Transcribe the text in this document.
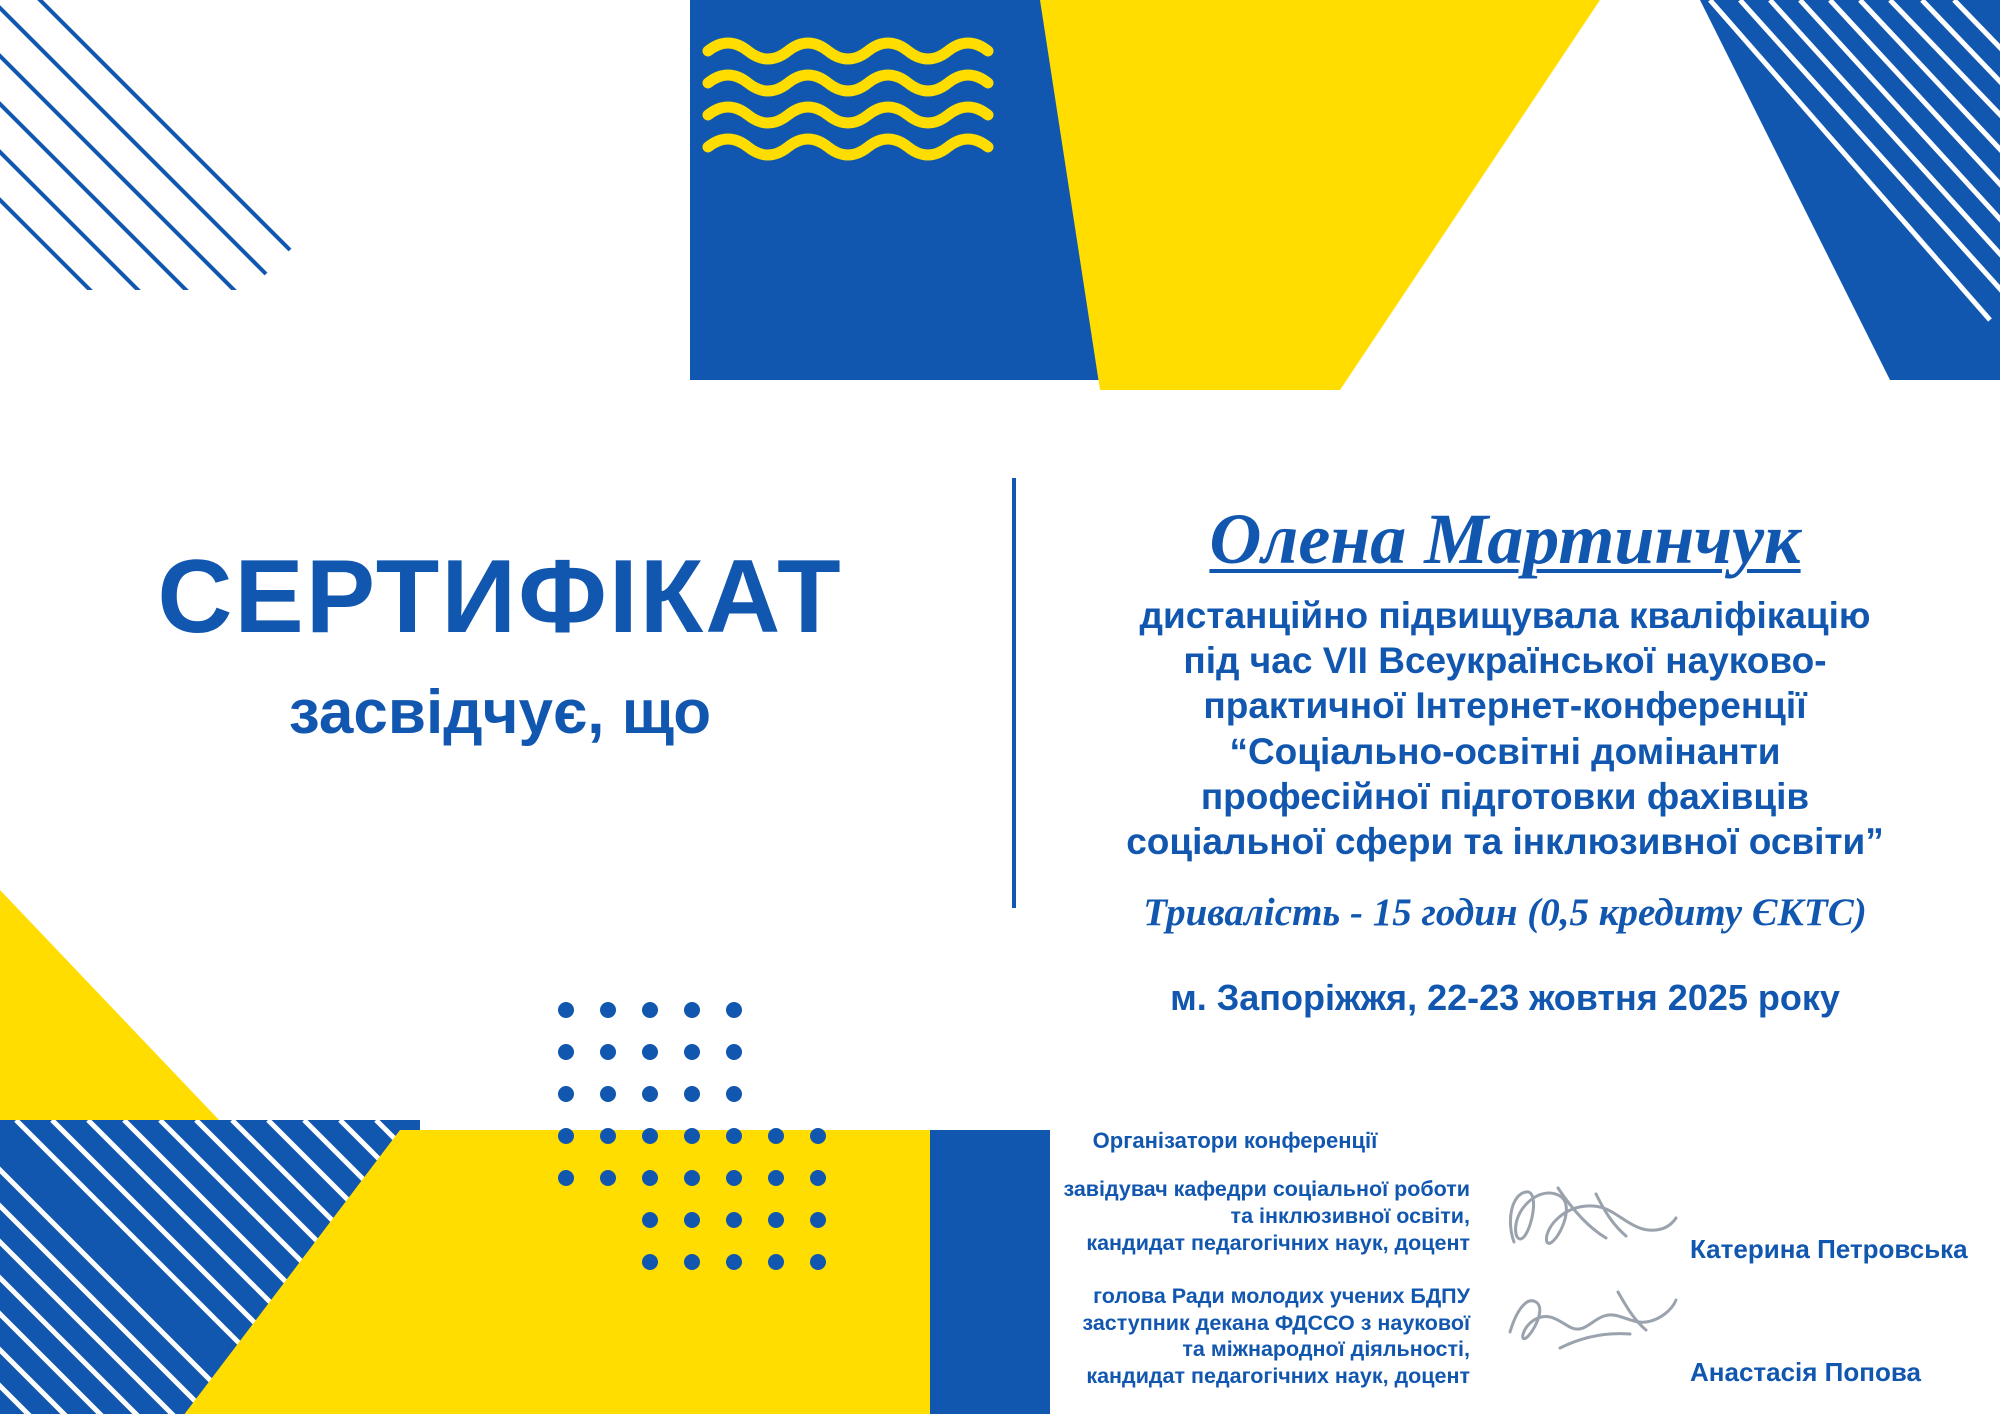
СЕРТИФІКАТ
засвідчує, що
Олена Мартинчук
дистанційно підвищувала кваліфікацію
під час VII Всеукраїнської науково-
практичної Інтернет-конференції
“Соціально-освітні домінанти
професійної підготовки фахівців
соціальної сфери та інклюзивної освіти”
Тривалість - 15 годин (0,5 кредиту ЄКТС)
м. Запоріжжя, 22-23 жовтня 2025 року
Організатори конференції
завідувач кафедри соціальної роботи
та інклюзивної освіти,
кандидат педагогічних наук, доцент
голова Ради молодих учених БДПУ
заступник декана ФДССО з наукової
та міжнародної діяльності,
кандидат педагогічних наук, доцент
Катерина Петровська
Анастасія Попова
